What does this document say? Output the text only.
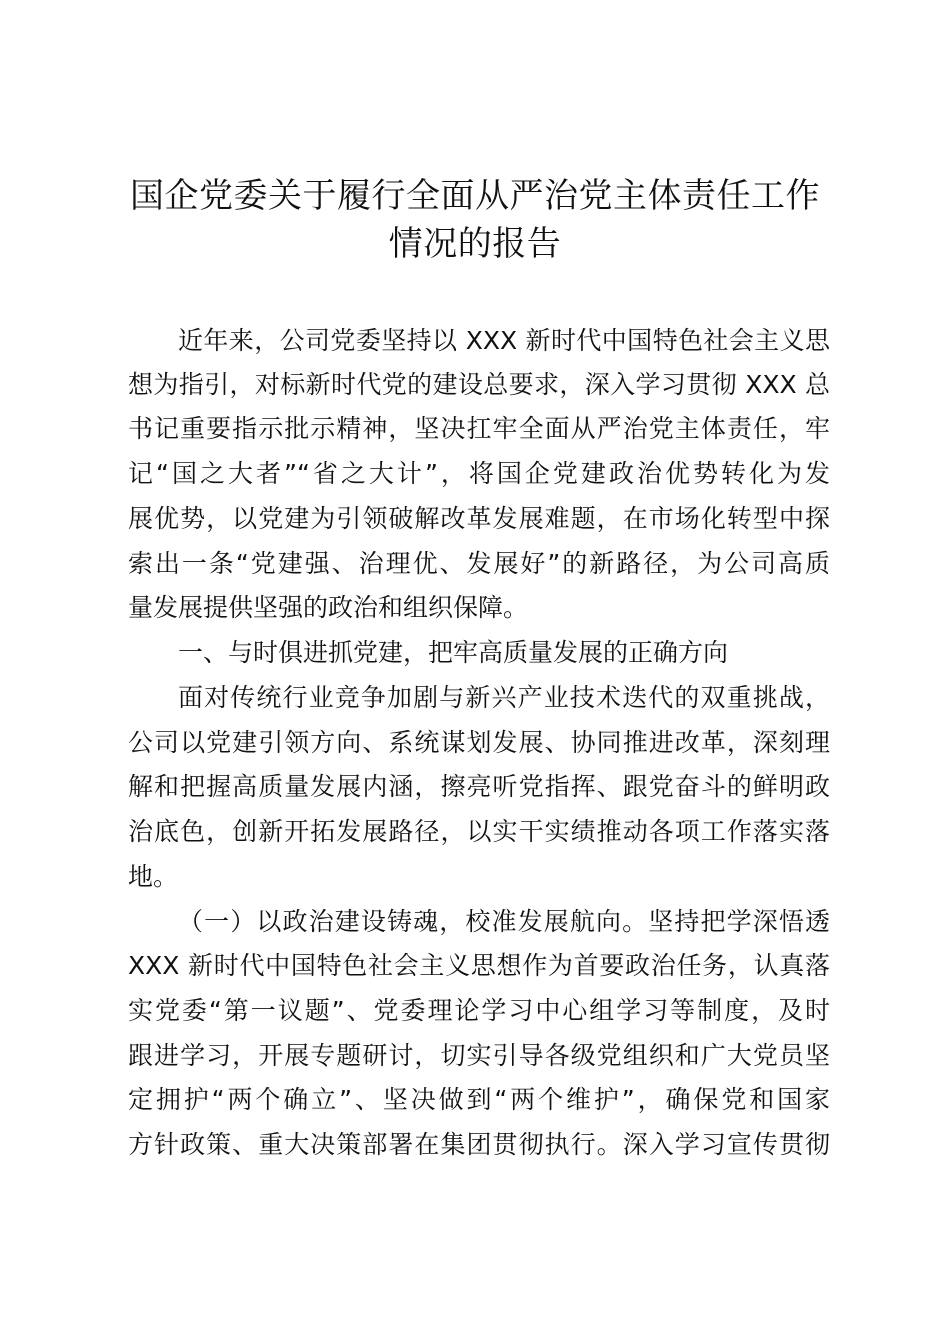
国企党委关于履行全面从严治党主体责任工作
情况的报告

近年来，公司党委坚持以 XXX 新时代中国特色社会主义思

想为指引，对标新时代党的建设总要求，深入学习贯彻 XXX 总

书记重要指示批示精神，坚决扛牢全面从严治党主体责任，牢

记“国之大者”“省之大计”，将国企党建政治优势转化为发

展优势，以党建为引领破解改革发展难题，在市场化转型中探

索出一条“党建强、治理优、发展好”的新路径，为公司高质

量发展提供坚强的政治和组织保障。

一、与时俱进抓党建，把牢高质量发展的正确方向

面对传统行业竞争加剧与新兴产业技术迭代的双重挑战，

公司以党建引领方向、系统谋划发展、协同推进改革，深刻理

解和把握高质量发展内涵，擦亮听党指挥、跟党奋斗的鲜明政

治底色，创新开拓发展路径，以实干实绩推动各项工作落实落

地。

（一）以政治建设铸魂，校准发展航向。坚持把学深悟透

XXX 新时代中国特色社会主义思想作为首要政治任务，认真落

实党委“第一议题”、党委理论学习中心组学习等制度，及时

跟进学习，开展专题研讨，切实引导各级党组织和广大党员坚

定拥护“两个确立”、坚决做到“两个维护”，确保党和国家

方针政策、重大决策部署在集团贯彻执行。深入学习宣传贯彻
